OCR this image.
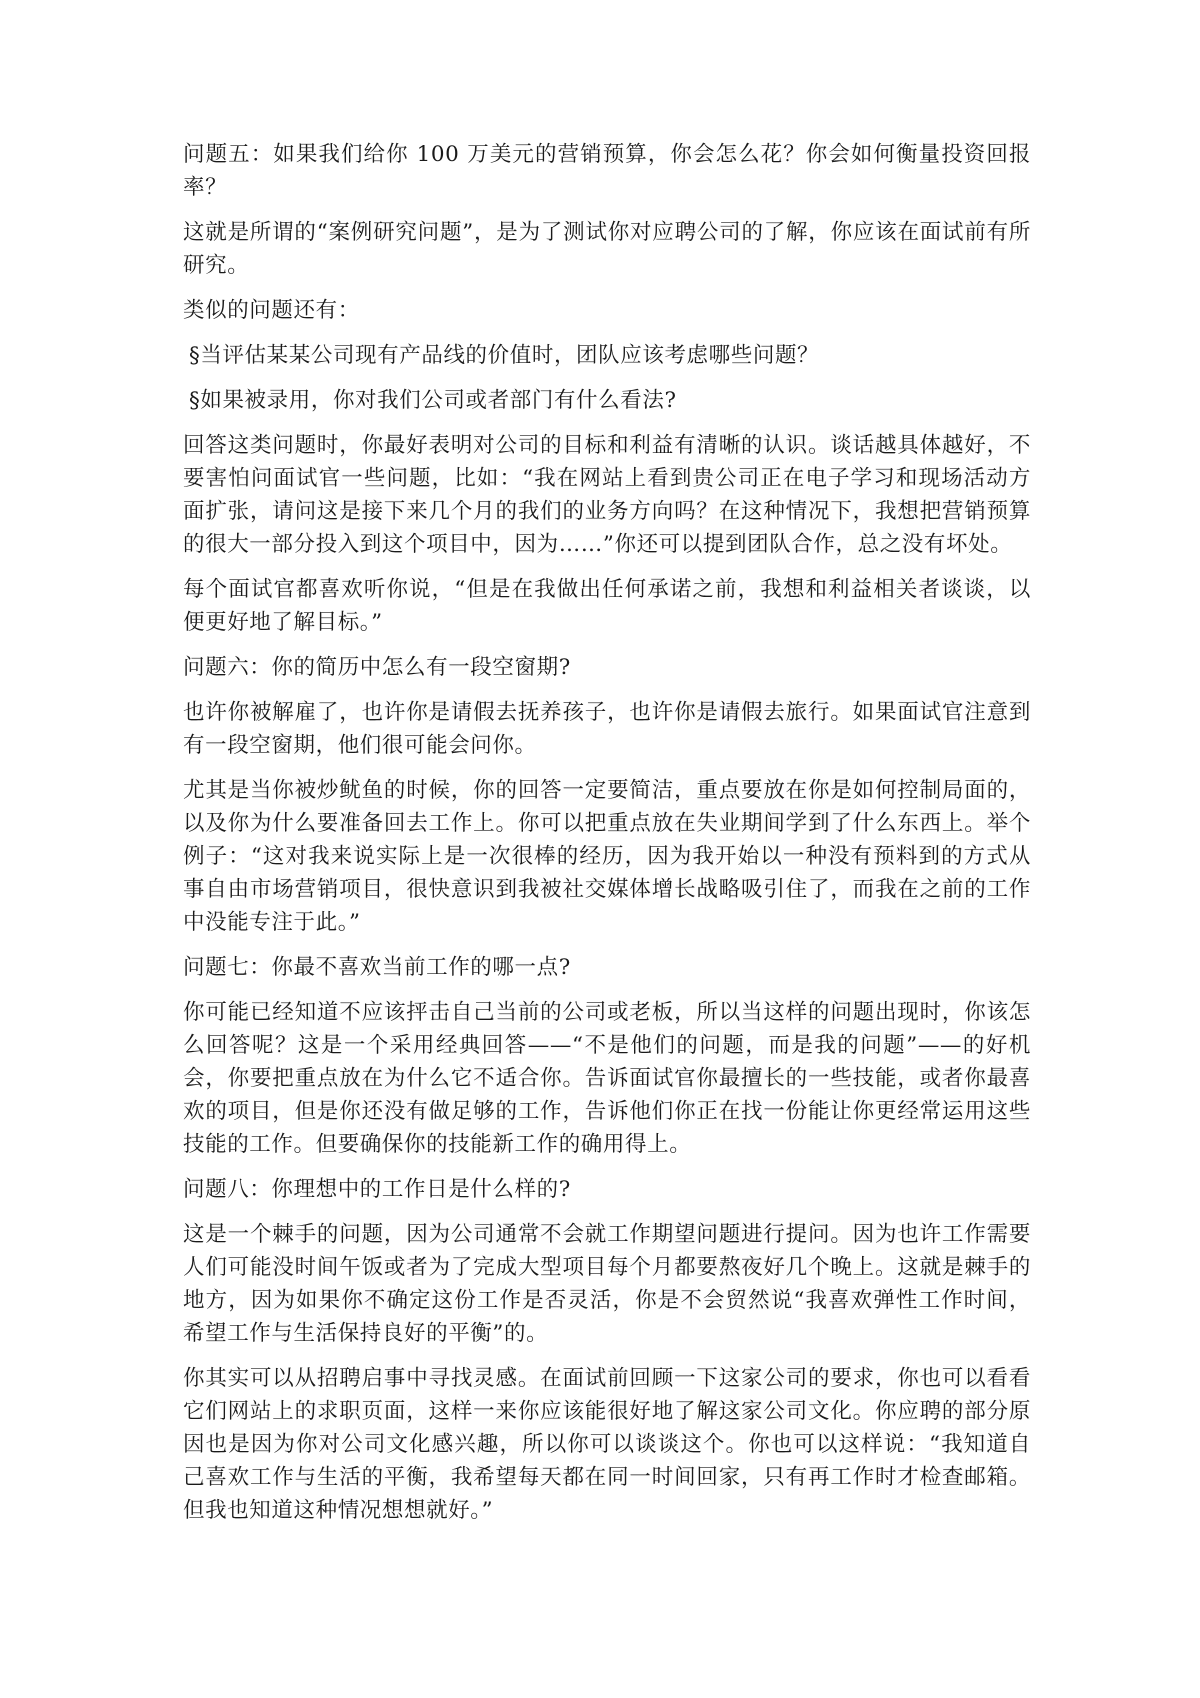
问题五：如果我们给你 100 万美元的营销预算，你会怎么花？你会如何衡量投资回报率？

这就是所谓的“案例研究问题”，是为了测试你对应聘公司的了解，你应该在面试前有所研究。

类似的问题还有：

§当评估某某公司现有产品线的价值时，团队应该考虑哪些问题？

§如果被录用，你对我们公司或者部门有什么看法?

回答这类问题时，你最好表明对公司的目标和利益有清晰的认识。谈话越具体越好，不要害怕问面试官一些问题，比如：“我在网站上看到贵公司正在电子学习和现场活动方面扩张，请问这是接下来几个月的我们的业务方向吗？在这种情况下，我想把营销预算的很大一部分投入到这个项目中，因为……”你还可以提到团队合作，总之没有坏处。

每个面试官都喜欢听你说，“但是在我做出任何承诺之前，我想和利益相关者谈谈，以便更好地了解目标。”

问题六：你的简历中怎么有一段空窗期?

也许你被解雇了，也许你是请假去抚养孩子，也许你是请假去旅行。如果面试官注意到有一段空窗期，他们很可能会问你。

尤其是当你被炒鱿鱼的时候，你的回答一定要简洁，重点要放在你是如何控制局面的，以及你为什么要准备回去工作上。你可以把重点放在失业期间学到了什么东西上。举个例子：“这对我来说实际上是一次很棒的经历，因为我开始以一种没有预料到的方式从事自由市场营销项目，很快意识到我被社交媒体增长战略吸引住了，而我在之前的工作中没能专注于此。”

问题七：你最不喜欢当前工作的哪一点?

你可能已经知道不应该抨击自己当前的公司或老板，所以当这样的问题出现时，你该怎么回答呢？这是一个采用经典回答——“不是他们的问题，而是我的问题”——的好机会，你要把重点放在为什么它不适合你。告诉面试官你最擅长的一些技能，或者你最喜欢的项目，但是你还没有做足够的工作，告诉他们你正在找一份能让你更经常运用这些技能的工作。但要确保你的技能新工作的确用得上。

问题八：你理想中的工作日是什么样的?

这是一个棘手的问题，因为公司通常不会就工作期望问题进行提问。因为也许工作需要人们可能没时间午饭或者为了完成大型项目每个月都要熬夜好几个晚上。这就是棘手的地方，因为如果你不确定这份工作是否灵活，你是不会贸然说“我喜欢弹性工作时间，希望工作与生活保持良好的平衡”的。

你其实可以从招聘启事中寻找灵感。在面试前回顾一下这家公司的要求，你也可以看看它们网站上的求职页面，这样一来你应该能很好地了解这家公司文化。你应聘的部分原因也是因为你对公司文化感兴趣，所以你可以谈谈这个。你也可以这样说：“我知道自己喜欢工作与生活的平衡，我希望每天都在同一时间回家，只有再工作时才检查邮箱。但我也知道这种情况想想就好。”
